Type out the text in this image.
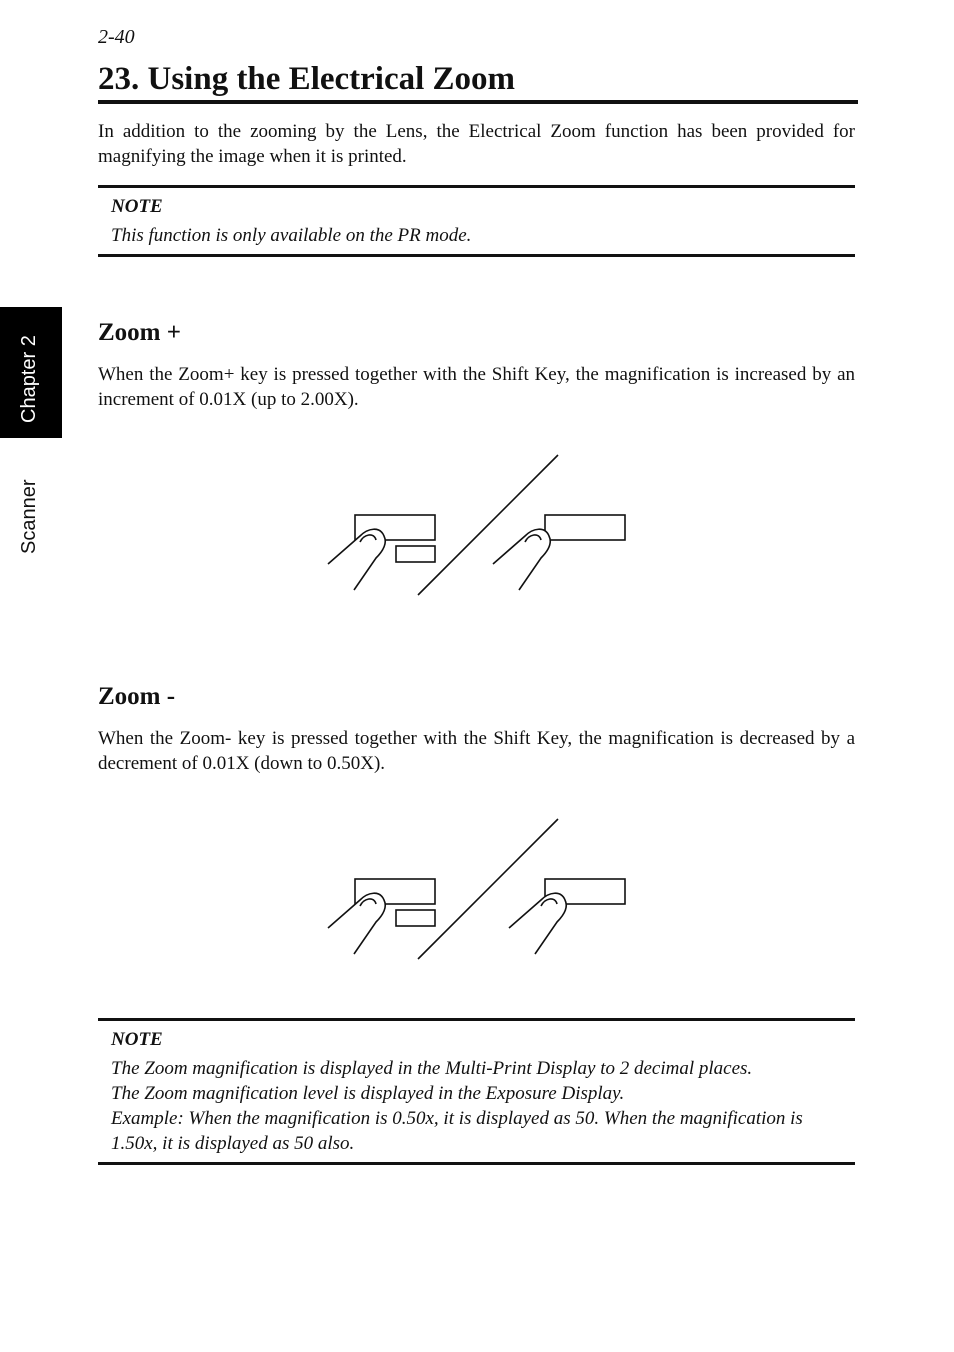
2-40
23. Using the Electrical Zoom

In addition to the zooming by the Lens, the Electrical Zoom function has been provided for magnifying the image when it is printed.

NOTE
This function is only available on the PR mode.
Chapter 2
Scanner
Zoom +

When the Zoom+ key is pressed together with the Shift Key, the magnification is increased by an increment of 0.01X (up to 2.00X).

Zoom -

When the Zoom- key is pressed together with the Shift Key, the magnification is decreased by a decrement of 0.01X (down to 0.50X).

NOTE
The Zoom magnification is displayed in the Multi-Print Display to 2 decimal places.
The Zoom magnification level is displayed in the Exposure Display.
Example: When the magnification is 0.50x, it is displayed as 50. When the magnification is 1.50x, it is displayed as 50 also.
